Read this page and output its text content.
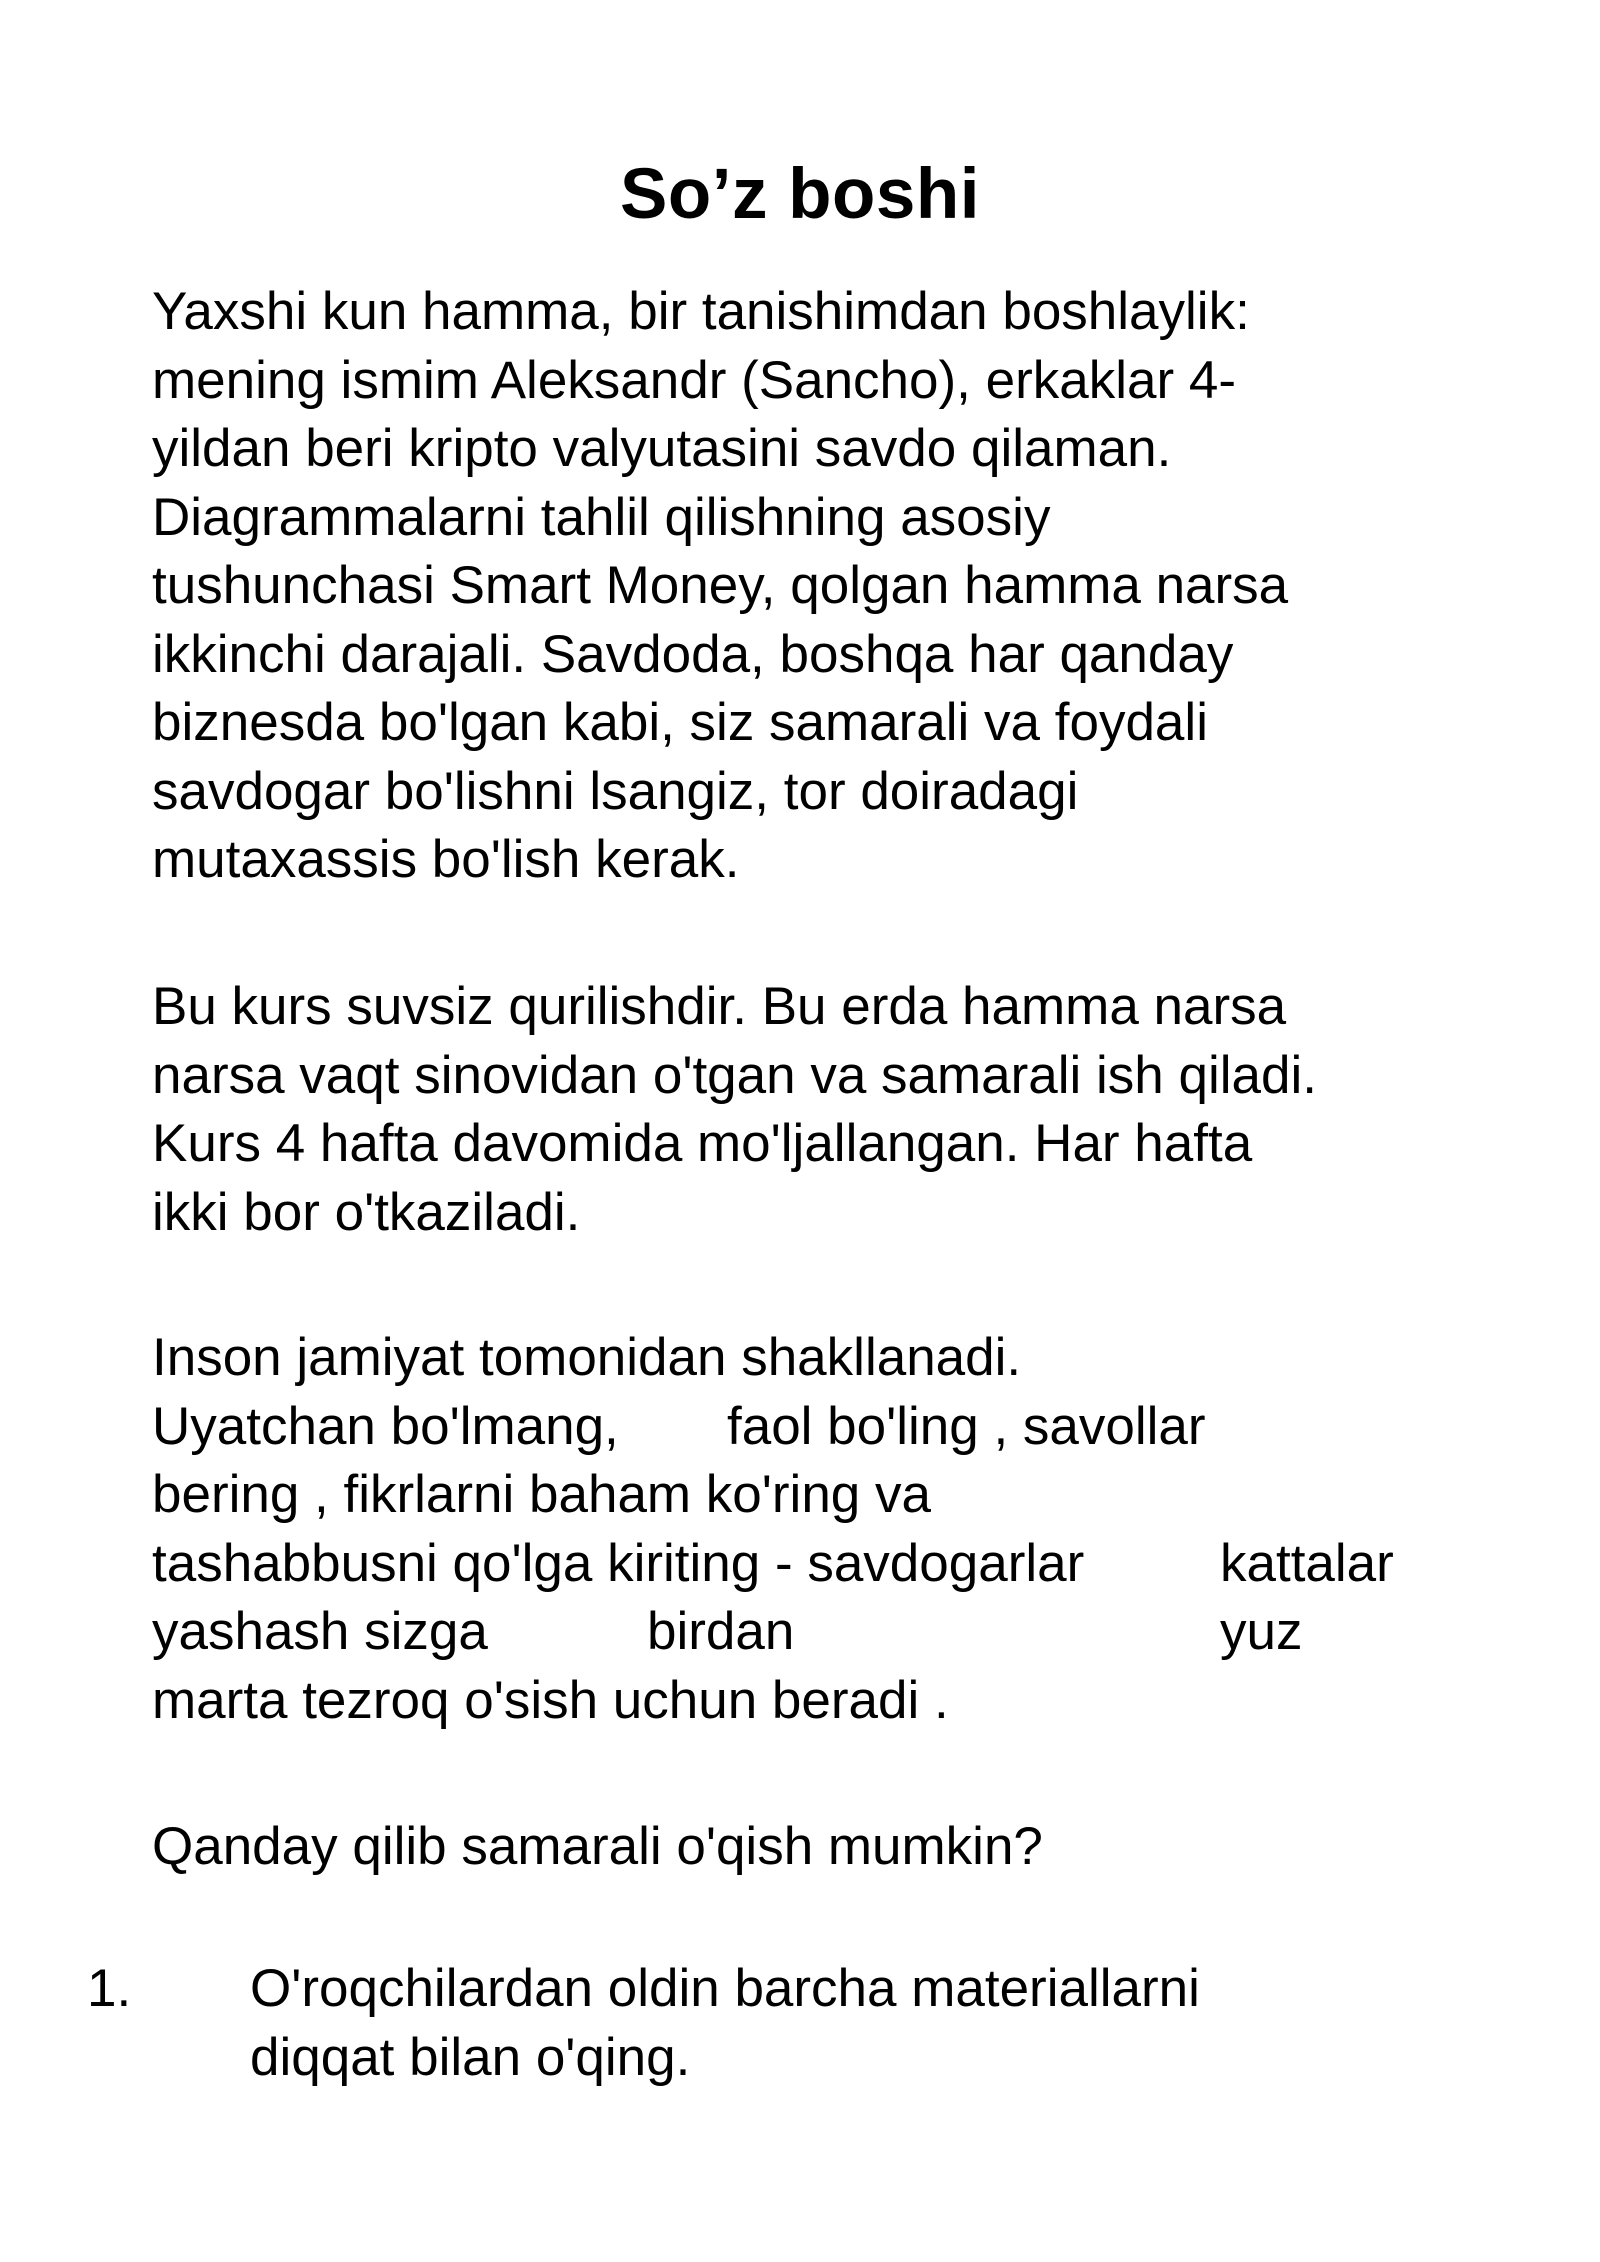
So’z boshi
Yaxshi kun hamma, bir tanishimdan boshlaylik:
mening ismim Aleksandr (Sancho), erkaklar 4-
yildan beri kripto valyutasini savdo qilaman.
Diagrammalarni tahlil qilishning asosiy
tushunchasi Smart Money, qolgan hamma narsa
ikkinchi darajali. Savdoda, boshqa har qanday
biznesda bo'lgan kabi, siz samarali va foydali
savdogar bo'lishni lsangiz, tor doiradagi
mutaxassis bo'lish kerak.
Bu kurs suvsiz qurilishdir. Bu erda hamma narsa
narsa vaqt sinovidan o'tgan va samarali ish qiladi.
Kurs 4 hafta davomida mo'ljallangan. Har hafta
ikki bor o'tkaziladi.
Inson jamiyat tomonidan shakllanadi.
Uyatchan bo'lmang, faol bo'ling , savollar
bering , fikrlarni baham ko'ring va
tashabbusni qo'lga kiriting - savdogarlar	kattalar
yashash sizga	birdan	yuz
marta tezroq o'sish uchun beradi .
Qanday qilib samarali o'qish mumkin?
1. O'roqchilardan oldin barcha materiallarni
diqqat bilan o'qing.
